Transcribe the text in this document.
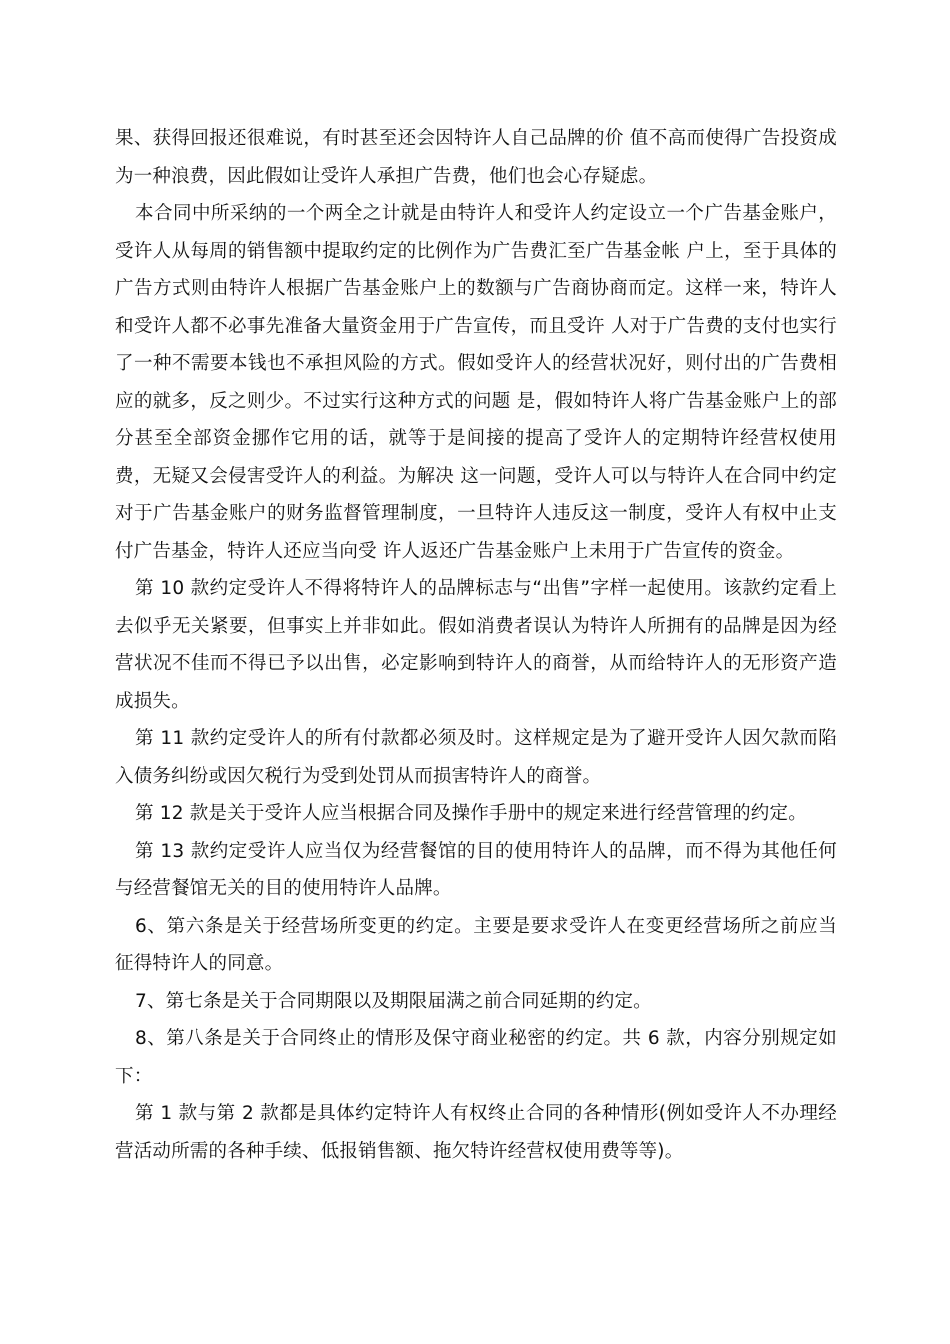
果、获得回报还很难说，有时甚至还会因特许人自己品牌的价 值不高而使得广告投资成为一种浪费，因此假如让受许人承担广告费，他们也会心存疑虑。

本合同中所采纳的一个两全之计就是由特许人和受许人约定设立一个广告基金账户，受许人从每周的销售额中提取约定的比例作为广告费汇至广告基金帐 户上，至于具体的广告方式则由特许人根据广告基金账户上的数额与广告商协商而定。这样一来，特许人和受许人都不必事先准备大量资金用于广告宣传，而且受许 人对于广告费的支付也实行了一种不需要本钱也不承担风险的方式。假如受许人的经营状况好，则付出的广告费相应的就多，反之则少。不过实行这种方式的问题 是，假如特许人将广告基金账户上的部分甚至全部资金挪作它用的话，就等于是间接的提高了受许人的定期特许经营权使用费，无疑又会侵害受许人的利益。为解决 这一问题，受许人可以与特许人在合同中约定对于广告基金账户的财务监督管理制度，一旦特许人违反这一制度，受许人有权中止支付广告基金，特许人还应当向受 许人返还广告基金账户上未用于广告宣传的资金。

第 10 款约定受许人不得将特许人的品牌标志与“出售”字样一起使用。该款约定看上去似乎无关紧要，但事实上并非如此。假如消费者误认为特许人所拥有的品牌是因为经营状况不佳而不得已予以出售，必定影响到特许人的商誉，从而给特许人的无形资产造成损失。

第 11 款约定受许人的所有付款都必须及时。这样规定是为了避开受许人因欠款而陷入债务纠纷或因欠税行为受到处罚从而损害特许人的商誉。

第 12 款是关于受许人应当根据合同及操作手册中的规定来进行经营管理的约定。

第 13 款约定受许人应当仅为经营餐馆的目的使用特许人的品牌，而不得为其他任何与经营餐馆无关的目的使用特许人品牌。

6、第六条是关于经营场所变更的约定。主要是要求受许人在变更经营场所之前应当征得特许人的同意。

7、第七条是关于合同期限以及期限届满之前合同延期的约定。

8、第八条是关于合同终止的情形及保守商业秘密的约定。共 6 款，内容分别规定如下：

第 1 款与第 2 款都是具体约定特许人有权终止合同的各种情形(例如受许人不办理经营活动所需的各种手续、低报销售额、拖欠特许经营权使用费等等)。
